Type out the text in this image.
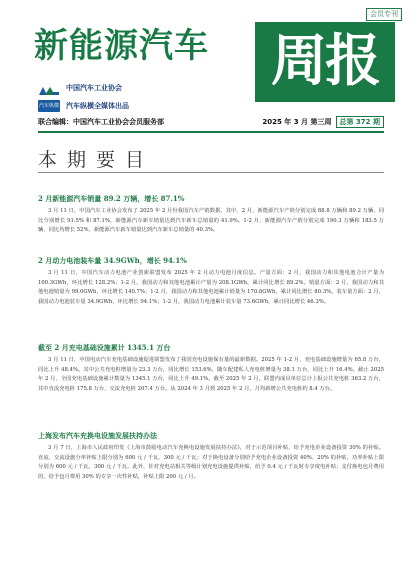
会员专刊
新能源汽车 周报
中国汽车工业协会
汽车纵横 汽车纵横全媒体出品
联合编辑：中国汽车工业协会会员服务部	2025 年 3 月 第三周	总第 372 期
本期要目
2 月新能源汽车销量 89.2 万辆，增长 87.1%

3 月 11 日，中国汽车工业协会发布了 2025 年 2 月份我国汽车产销数据。其中，2 月，新能源汽车产销分别完成 88.8 万辆和 89.2 万辆，同比分别增长 91.5% 和 87.1%，新能源汽车新车销量达到汽车新车总销量的 41.9%。1-2 月，新能源汽车产销分别完成 190.3 万辆和 183.5 万辆，同比均增长 52%，新能源汽车新车销量达到汽车新车总销量的 40.3%。

2 月动力电池装车量 34.9GWh，增长 94.1%

3 月 11 日，中国汽车动力电池产业创新联盟发布 2025 年 2 月动力电池月度信息。产量方面：2 月，我国动力和其他电池合计产量为 100.3GWh，环比增长 128.2%；1-2 月，我国动力和其他电池累计产量为 208.1GWh，累计同比增长 89.2%。销量方面：2 月，我国动力和其他电池销量为 99.0GWh，环比增长 140.7%；1-2 月，我国动力和其他电池累计销量为 170.8GWh，累计同比增长 80.3%。装车量方面：2 月，我国动力电池装车量 34.9GWh，环比增长 94.1%；1-2 月，我国动力电池累计装车量 73.6GWh，累计同比增长 46.3%。

截至 2 月充电基础设施累计 1345.1 万台

3 月 11 日，中国电动汽车充电基础设施促进联盟发布了我国充电设施保有量的最新数据。2025 年 1-2 月，充电基础设施增量为 65.8 万台，同比上升 48.4%。其中公共充电桩增量为 23.3 万台，同比增长 153.6%，随车配建私人充电桩增量为 38.1 万台，同比上升 16.4%。截止 2025 年 2 月，全国充电基础设施累计数量为 1345.1 万台，同比上升 49.1%。截至 2025 年 2 月，联盟内成员单位总计上报公共充电桩 363.2 万台，其中直流充电桩 175.8 万台，交流充电桩 207.4 万台。从 2024 年 3 月到 2025 年 2 月，月均新增公共充电桩约 8.4 万台。

上海发布汽车充换电设施发展扶持办法

3 月 7 日，上海市人民政府印发《上海市鼓励电动汽车充换电设施发展扶持办法》，对于示范项目补贴，给予充电企业设备投资 30% 的补贴。直流、交流设施分率补贴上限分别为 600 元 / 千瓦、300 元 / 千瓦；对于换电设备分别给予充电企业设备投资 40%、20% 的补贴，功率补贴上限分别为 600 元 / 千瓦，300 元 / 千瓦。此外，针对充电站相关等级计划充电设施提供补贴，给予 0.4 元 / 千瓦时专享度电补贴；支付换电包月费用的，给予包月费用 30% 的专享一次性补贴，补贴上限 200 元 / 月。
